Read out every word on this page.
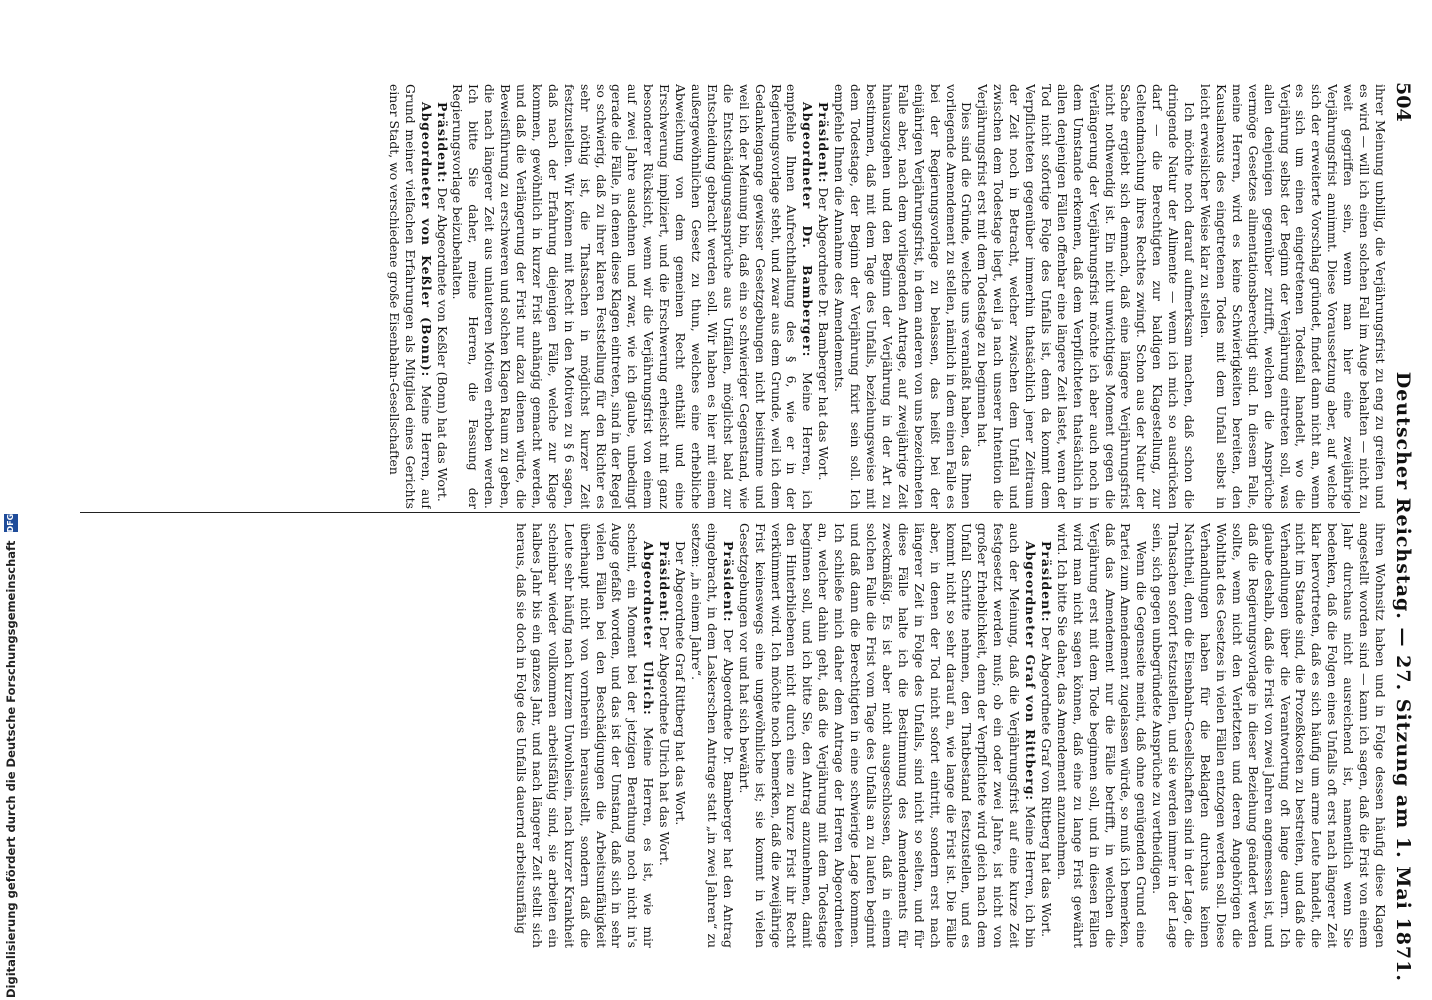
504
Deutscher Reichstag. — 27. Sitzung am 1. Mai 1871.

ihrer Meinung unbillig, die Verjährungsfrist zu eng zu greifen und es wird — will ich einen solchen Fall im Auge behalten — nicht zu weit gegriffen sein, wenn man hier eine zweijährige Verjährungsfrist annimmt. Diese Voraussetzung aber, auf welche sich der erweiterte Vorschlag gründet, findet dann nicht an, wenn es sich um einen eingetretenen Todesfall handelt, wo die Verjährung selbst der Beginn der Verjährung eintreten soll, was allen denjenigen gegenüber zutrifft, welchen die Ansprüche vermöge Gesetzes alimentationsberechtigt sind. In diesem Falle, meine Herren, wird es keine Schwierigkeiten bereiten, den Kausalnexus des eingetretenen Todes mit dem Unfall selbst in leicht erweislicher Weise klar zu stellen.

Ich möchte noch darauf aufmerksam machen, daß schon die dringende Natur der Alimente — wenn ich mich so ausdrücken darf — die Berechtigten zur baldigen Klagestellung, zur Geltendmachung ihres Rechtes zwingt. Schon aus der Natur der Sache ergiebt sich demnach, daß eine längere Verjährungsfrist nicht nothwendig ist. Ein nicht unwichtiges Moment gegen die Verlängerung der Verjährungsfrist möchte ich aber auch noch in dem Umstande erkennen, daß dem Verpflichteten thatsächlich in allen denjenigen Fällen offenbar eine längere Zeit lastet, wenn der Tod nicht sofortige Folge des Unfalls ist, denn da kommt dem Verpflichteten gegenüber immerhin thatsächlich jener Zeitraum der Zeit noch in Betracht, welcher zwischen dem Unfall und zwischen dem Todestage liegt, weil ja nach unserer Intention die Verjährungsfrist erst mit dem Todestage zu beginnen hat.

Dies sind die Gründe, welche uns veranlaßt haben, das Ihnen vorliegende Amendement zu stellen, nämlich in dem einen Falle es bei der Regierungsvorlage zu belassen, das heißt bei der einjährigen Verjährungsfrist, in dem anderen von uns bezeichneten Falle aber, nach dem vorliegenden Antrage, auf zweijährige Zeit hinauszugehen und den Beginn der Verjährung in der Art zu bestimmen, daß mit dem Tage des Unfalls, beziehungsweise mit dem Todestage, der Beginn der Verjährung fixirt sein soll. Ich empfehle Ihnen die Annahme des Amendements.

Präsident: Der Abgeordnete Dr. Bamberger hat das Wort.

Abgeordneter Dr. Bamberger: Meine Herren, ich empfehle Ihnen Aufrechthaltung des § 6, wie er in der Regierungsvorlage steht, und zwar aus dem Grunde, weil ich dem Gedankengange gewisser Gesetzgebungen nicht beistimme und weil ich der Meinung bin, daß ein so schwieriger Gegenstand, wie die Entschädigungsansprüche aus Unfällen, möglichst bald zur Entscheidung gebracht werden soll. Wir haben es hier mit einem außergewöhnlichen Gesetz zu thun, welches eine erhebliche Abweichung von dem gemeinen Recht enthält und eine Erschwerung impliziert, und die Erschwerung erheischt mit ganz besonderer Rücksicht, wenn wir die Verjährungsfrist von einem auf zwei Jahre ausdehnen und zwar, wie ich glaube, unbedingt gerade die Fälle, in denen diese Klagen eintreten, sind in der Regel so schwierig, daß zu ihrer klaren Feststellung für den Richter es sehr nöthig ist, die Thatsachen in möglichst kurzer Zeit festzustellen. Wir können mit Recht in den Motiven zu § 6 sagen, daß nach der Erfahrung diejenigen Fälle, welche zur Klage kommen, gewöhnlich in kurzer Frist anhängig gemacht werden, und daß die Verlängerung der Frist nur dazu dienen würde, die Beweisführung zu erschweren und solchen Klagen Raum zu geben, die nach längerer Zeit aus unlauteren Motiven erhoben werden. Ich bitte Sie daher, meine Herren, die Fassung der Regierungsvorlage beizubehalten.

Präsident: Der Abgeordnete von Keßler (Bonn) hat das Wort.

Abgeordneter von Keßler (Bonn): Meine Herren, auf Grund meiner vielfachen Erfahrungen als Mitglied eines Gerichts einer Stadt, wo verschiedene große Eisenbahn-Gesellschaften

ihren Wohnsitz haben und in Folge dessen häufig diese Klagen angestellt worden sind — kann ich sagen, daß die Frist von einem Jahr durchaus nicht ausreichend ist, namentlich wenn Sie bedenken, daß die Folgen eines Unfalls oft erst nach längerer Zeit klar hervortreten, daß es sich häufig um arme Leute handelt, die nicht im Stande sind, die Prozeßkosten zu bestreiten, und daß die Verhandlungen über die Verantwortung oft lange dauern. Ich glaube deshalb, daß die Frist von zwei Jahren angemessen ist, und daß die Regierungsvorlage in dieser Beziehung geändert werden sollte, wenn nicht den Verletzten und deren Angehörigen die Wohlthat des Gesetzes in vielen Fällen entzogen werden soll. Diese Verhandlungen haben für die Beklagten durchaus keinen Nachtheil, denn die Eisenbahn-Gesellschaften sind in der Lage, die Thatsachen sofort festzustellen, und sie werden immer in der Lage sein, sich gegen unbegründete Ansprüche zu vertheidigen.

Wenn die Gegenseite meint, daß ohne genügenden Grund eine Partei zum Amendement zugelassen würde, so muß ich bemerken, daß das Amendement nur die Fälle betrifft, in welchen die Verjährung erst mit dem Tode beginnen soll, und in diesen Fällen wird man nicht sagen können, daß eine zu lange Frist gewährt wird. Ich bitte Sie daher, das Amendement anzunehmen.

Präsident: Der Abgeordnete Graf von Rittberg hat das Wort.

Abgeordneter Graf von Rittberg: Meine Herren, ich bin auch der Meinung, daß die Verjährungsfrist auf eine kurze Zeit festgesetzt werden muß; ob ein oder zwei Jahre, ist nicht von großer Erheblichkeit, denn der Verpflichtete wird gleich nach dem Unfall Schritte nehmen, den Thatbestand festzustellen, und es kommt nicht so sehr darauf an, wie lange die Frist ist. Die Fälle aber, in denen der Tod nicht sofort eintritt, sondern erst nach längerer Zeit in Folge des Unfalls, sind nicht so selten, und für diese Fälle halte ich die Bestimmung des Amendements für zweckmäßig. Es ist aber nicht ausgeschlossen, daß in einem solchen Falle die Frist vom Tage des Unfalls an zu laufen beginnt und daß dann die Berechtigten in eine schwierige Lage kommen. Ich schließe mich daher dem Antrage der Herren Abgeordneten an, welcher dahin geht, daß die Verjährung mit dem Todestage beginnen soll, und ich bitte Sie, den Antrag anzunehmen, damit den Hinterbliebenen nicht durch eine zu kurze Frist ihr Recht verkümmert wird. Ich möchte noch bemerken, daß die zweijährige Frist keineswegs eine ungewöhnliche ist; sie kommt in vielen Gesetzgebungen vor und hat sich bewährt.

Präsident: Der Abgeordnete Dr. Bamberger hat den Antrag eingebracht, in dem Laskerschen Antrage statt „in zwei Jahren“ zu setzen: „in einem Jahre“.

Der Abgeordnete Graf Rittberg hat das Wort.

Präsident: Der Abgeordnete Ulrich hat das Wort.

Abgeordneter Ulrich: Meine Herren, es ist, wie mir scheint, ein Moment bei der jetzigen Berathung noch nicht in's Auge gefaßt worden, und das ist der Umstand, daß sich in sehr vielen Fällen bei den Beschädigungen die Arbeitsunfähigkeit überhaupt nicht von vornherein herausstellt, sondern daß die Leute sehr häufig nach kurzem Unwohlsein, nach kurzer Krankheit scheinbar wieder vollkommen arbeitsfähig sind, sie arbeiten ein halbes Jahr bis ein ganzes Jahr, und nach längerer Zeit stellt sich heraus, daß sie doch in Folge des Unfalls dauernd arbeitsunfähig

Digitalisierung gefördert durch die Deutsche Forschungsgemeinschaft
DFG
